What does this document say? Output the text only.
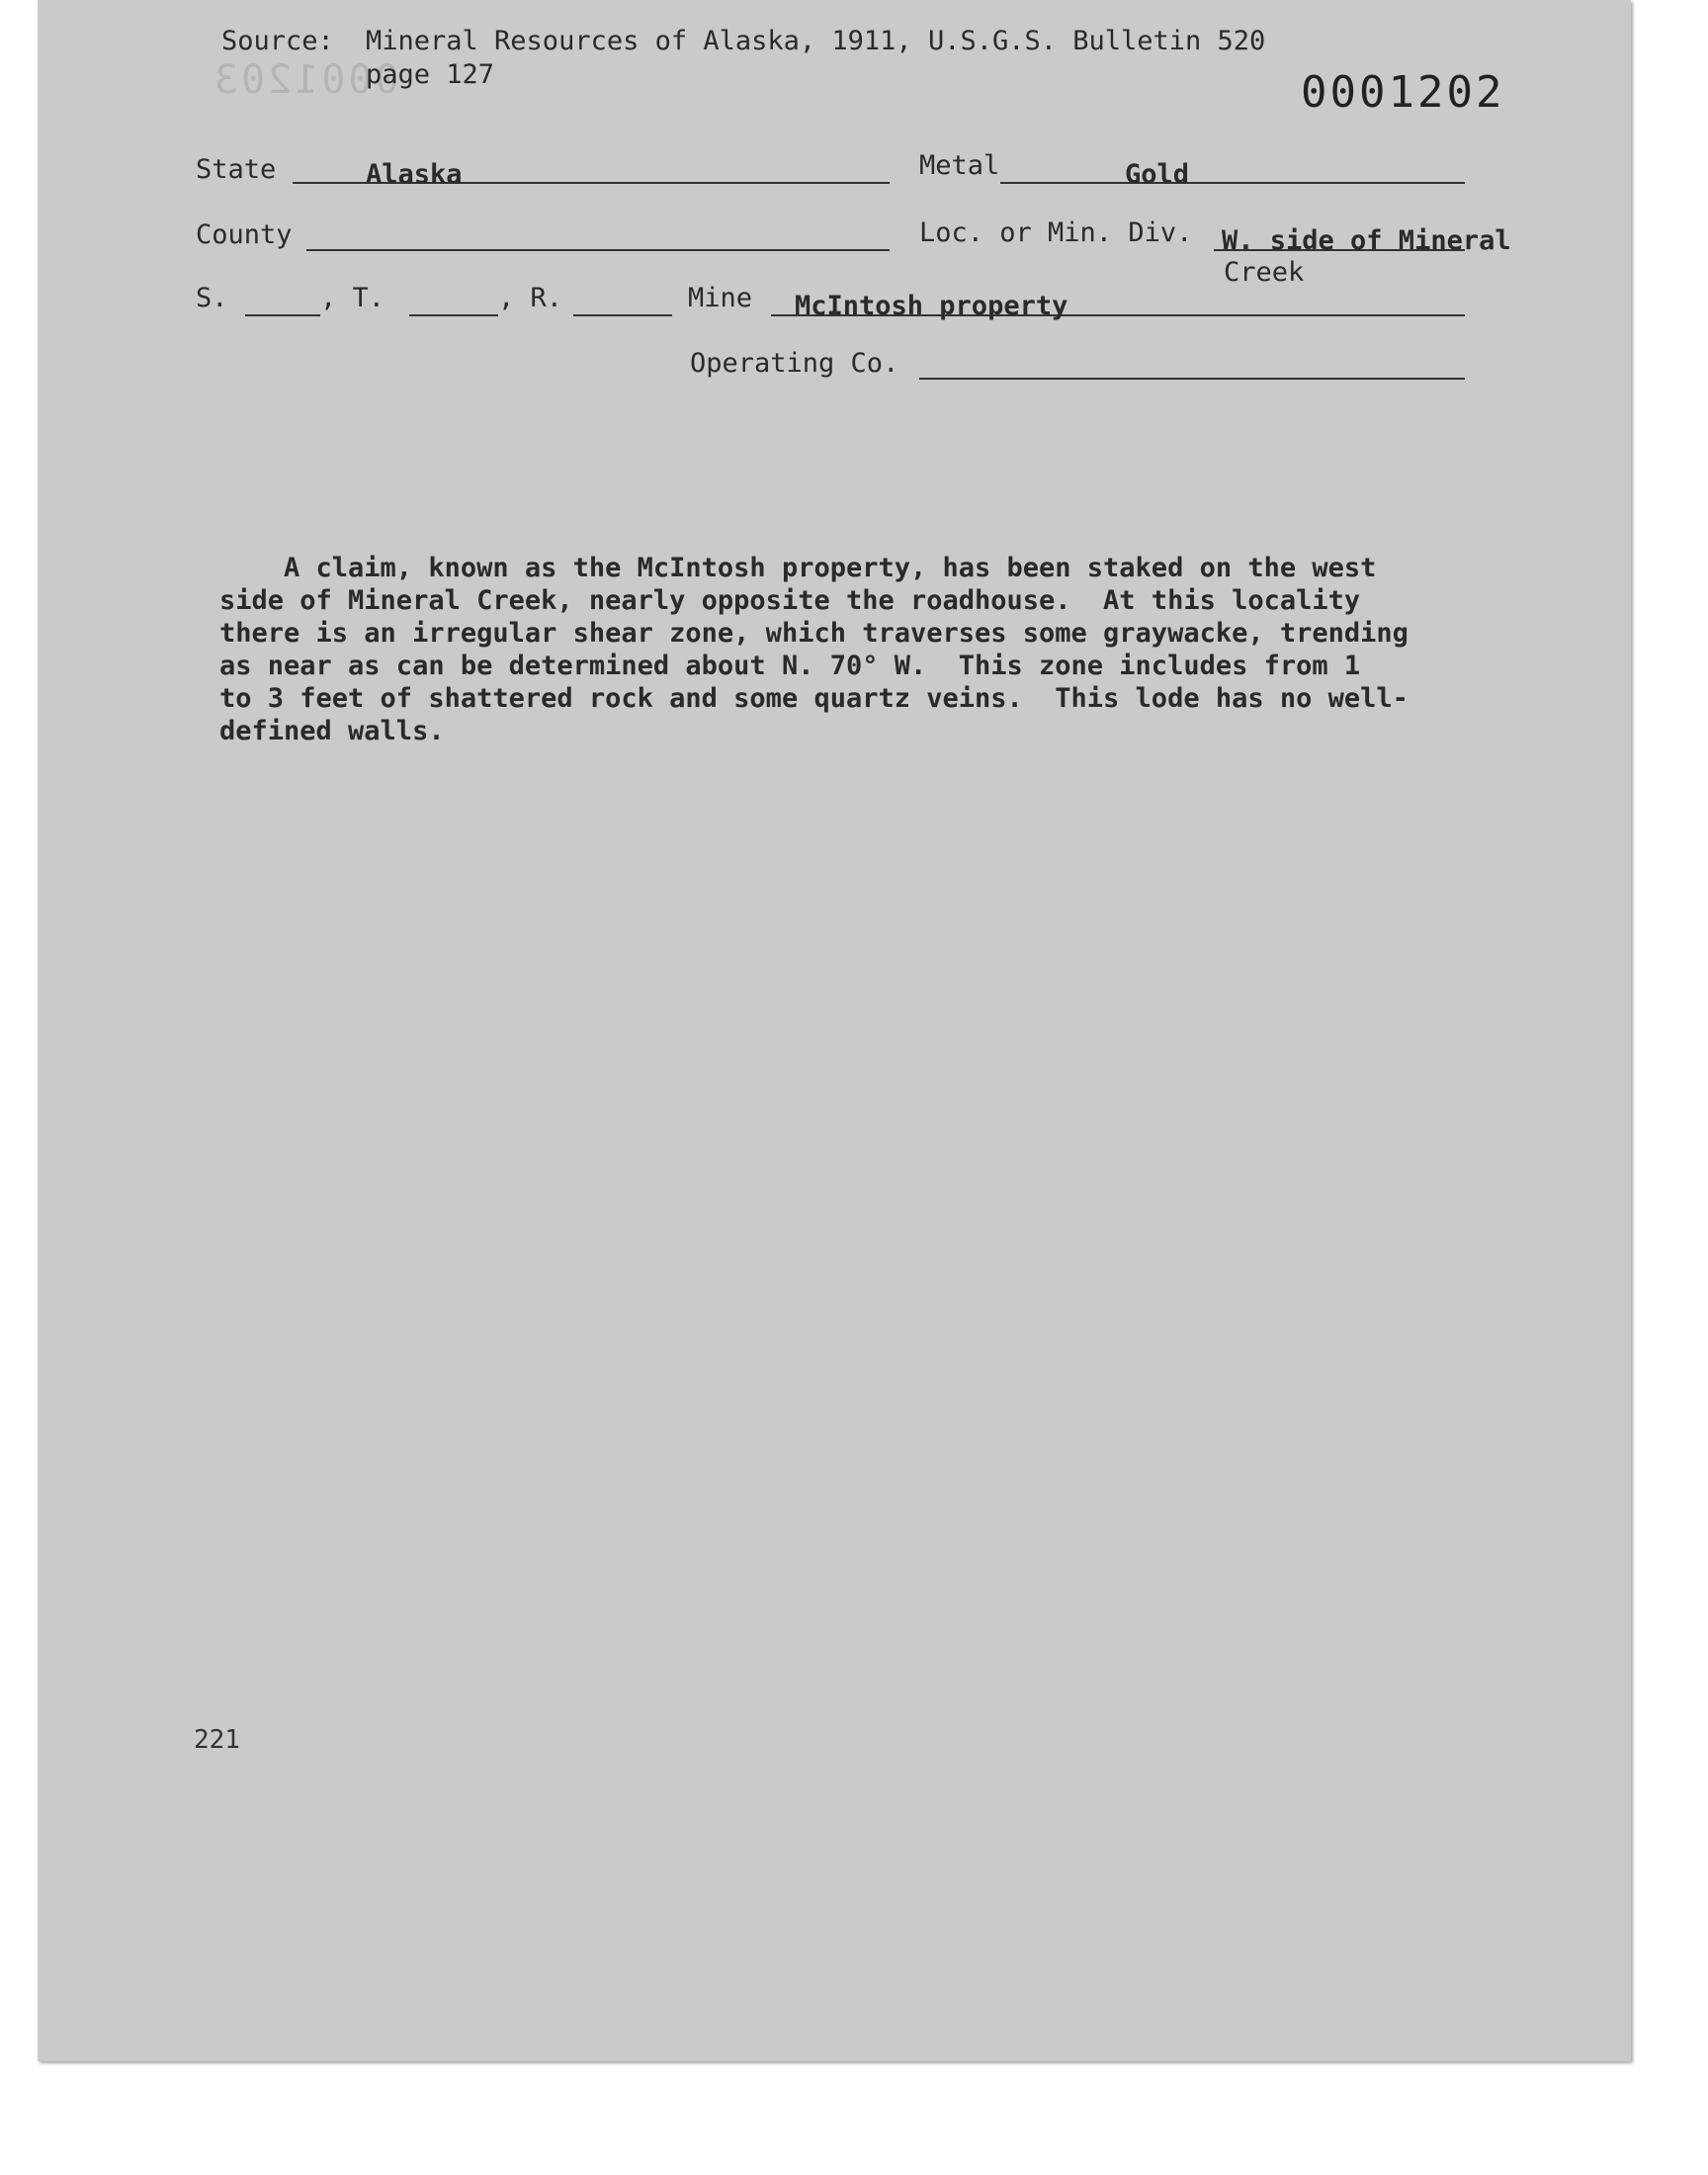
0001203
Source: Mineral Resources of Alaska, 1911, U.S.G.S. Bulletin 520
page 127	0001202
State	Alaska	Metal	Gold
County	Loc. or Min. Div. W. side of Mineral
Creek
S.	, T.	, R.	Mine McIntosh property
Operating Co.
A claim, known as the McIntosh property, has been staked on the west
side of Mineral Creek, nearly opposite the roadhouse.  At this locality
there is an irregular shear zone, which traverses some graywacke, trending
as near as can be determined about N. 70° W.  This zone includes from 1
to 3 feet of shattered rock and some quartz veins.  This lode has no well-
defined walls.
221
